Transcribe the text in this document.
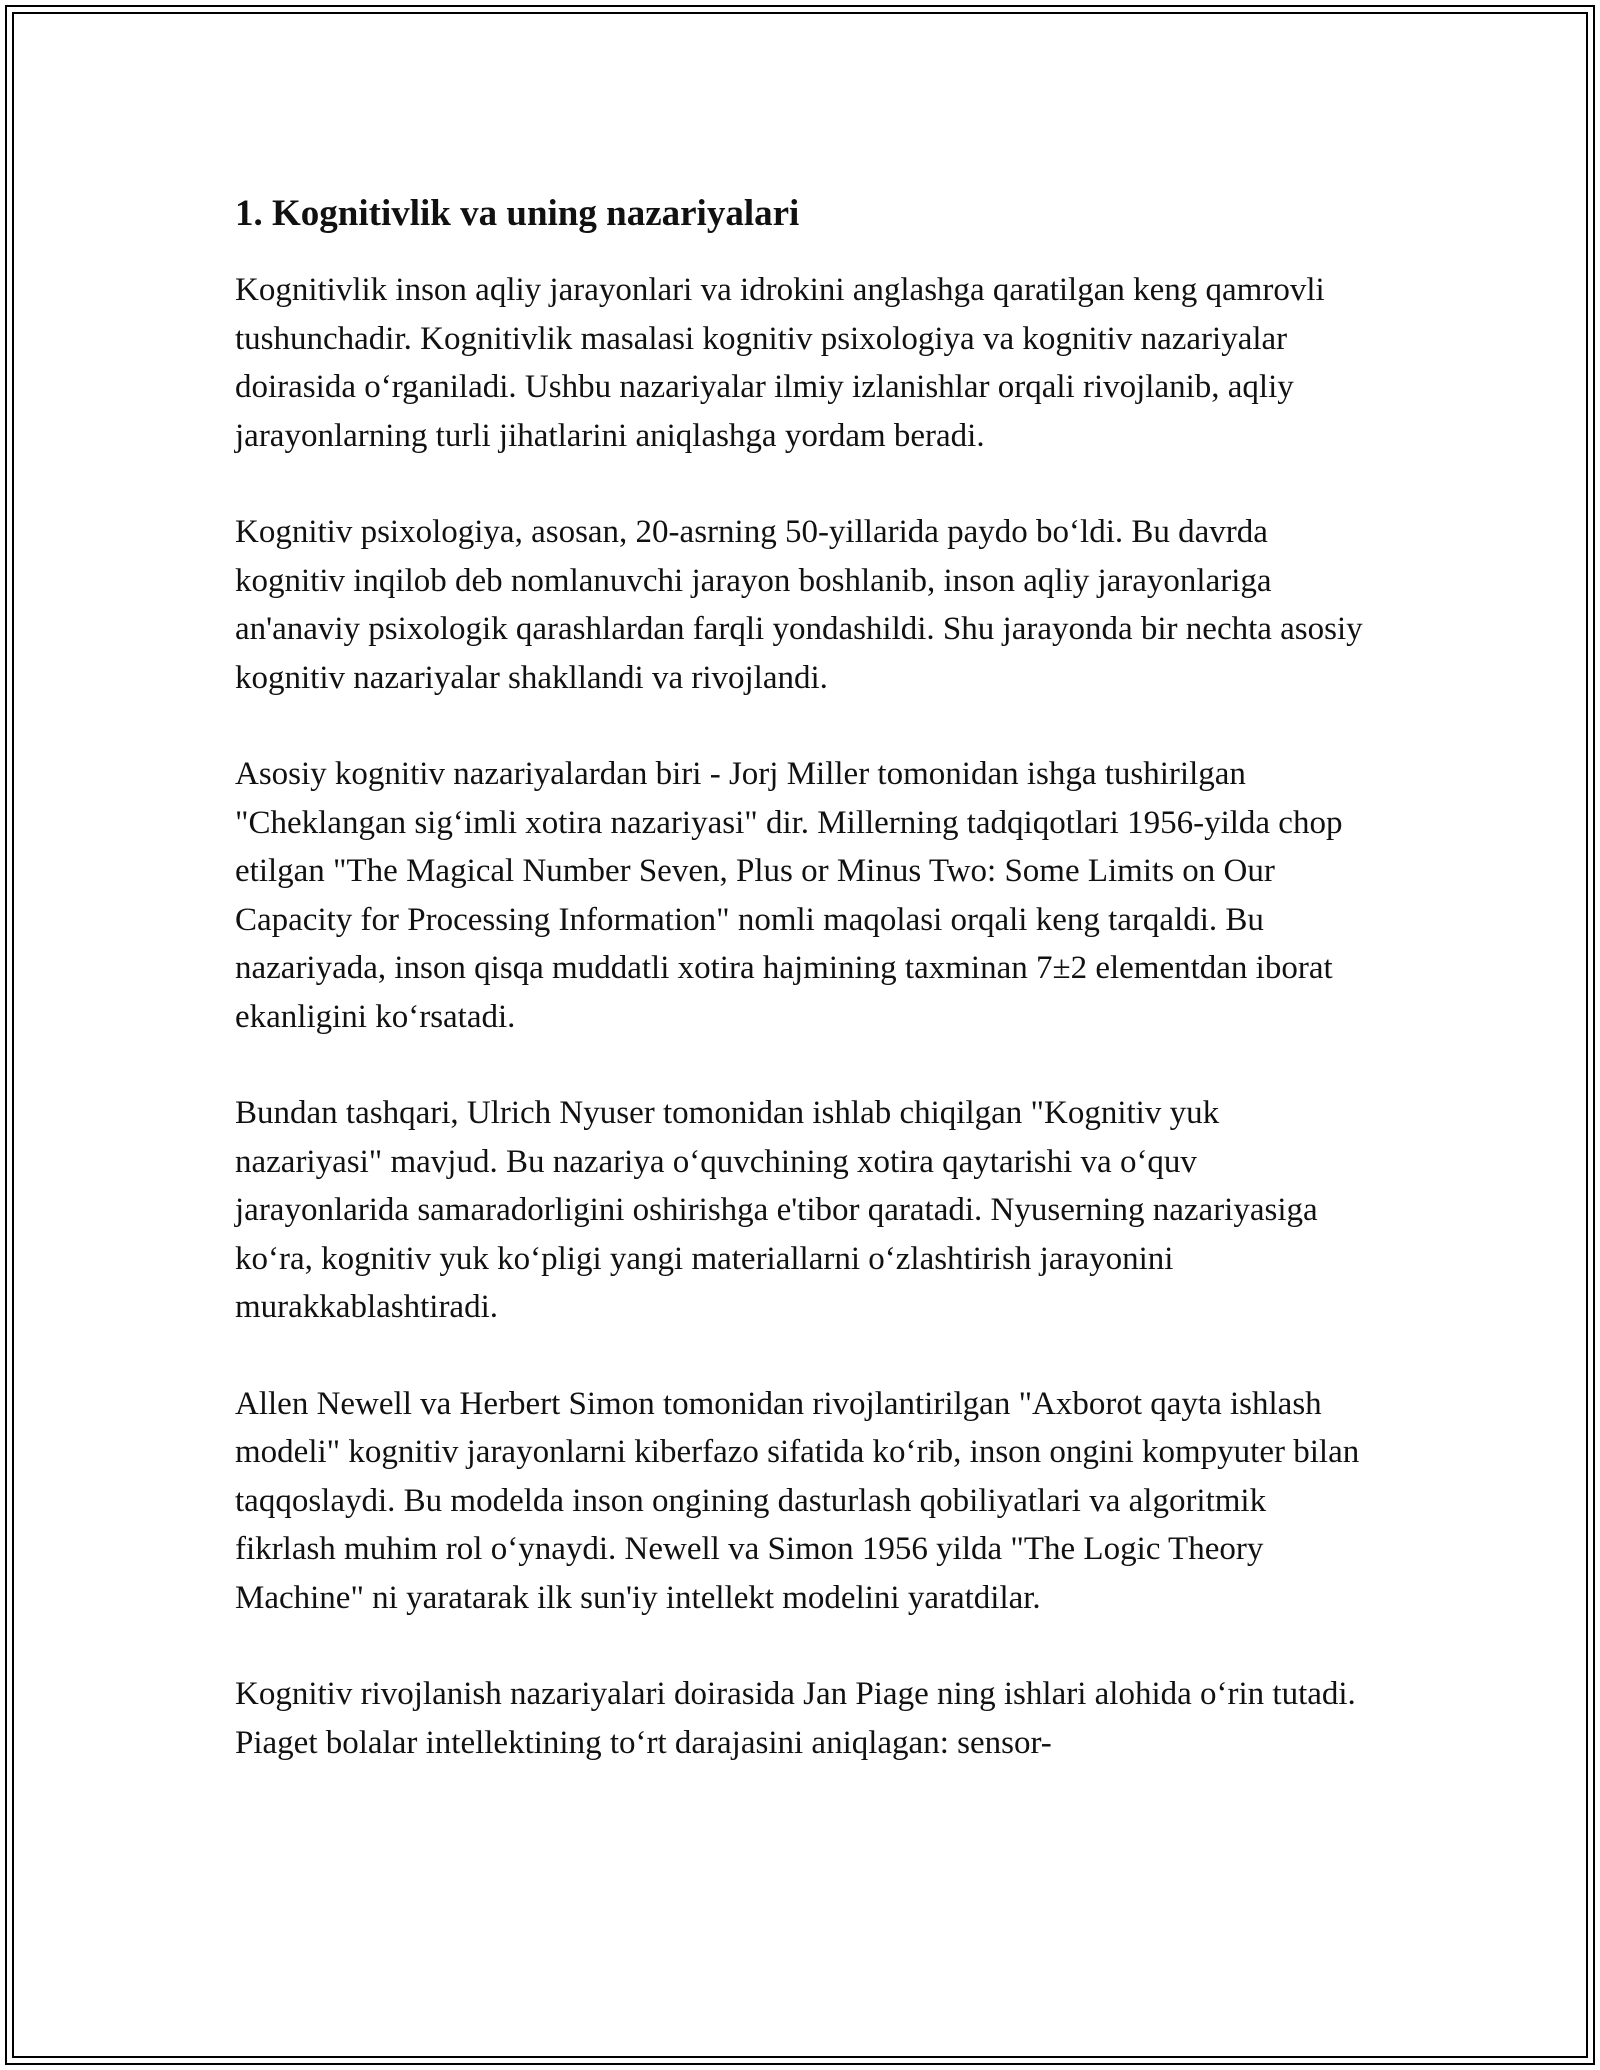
1. Kognitivlik va uning nazariyalari

Kognitivlik inson aqliy jarayonlari va idrokini anglashga qaratilgan keng qamrovli tushunchadir. Kognitivlik masalasi kognitiv psixologiya va kognitiv nazariyalar doirasida oʻrganiladi. Ushbu nazariyalar ilmiy izlanishlar orqali rivojlanib, aqliy jarayonlarning turli jihatlarini aniqlashga yordam beradi.

Kognitiv psixologiya, asosan, 20-asrning 50-yillarida paydo boʻldi. Bu davrda kognitiv inqilob deb nomlanuvchi jarayon boshlanib, inson aqliy jarayonlariga an'anaviy psixologik qarashlardan farqli yondashildi. Shu jarayonda bir nechta asosiy kognitiv nazariyalar shakllandi va rivojlandi.

Asosiy kognitiv nazariyalardan biri - Jorj Miller tomonidan ishga tushirilgan "Cheklangan sigʻimli xotira nazariyasi" dir. Millerning tadqiqotlari 1956-yilda chop etilgan "The Magical Number Seven, Plus or Minus Two: Some Limits on Our Capacity for Processing Information" nomli maqolasi orqali keng tarqaldi. Bu nazariyada, inson qisqa muddatli xotira hajmining taxminan 7±2 elementdan iborat ekanligini koʻrsatadi.

Bundan tashqari, Ulrich Nyuser tomonidan ishlab chiqilgan "Kognitiv yuk nazariyasi" mavjud. Bu nazariya oʻquvchining xotira qaytarishi va oʻquv jarayonlarida samaradorligini oshirishga e'tibor qaratadi. Nyuserning nazariyasiga koʻra, kognitiv yuk koʻpligi yangi materiallarni oʻzlashtirish jarayonini murakkablashtiradi.

Allen Newell va Herbert Simon tomonidan rivojlantirilgan "Axborot qayta ishlash modeli" kognitiv jarayonlarni kiberfazo sifatida koʻrib, inson ongini kompyuter bilan taqqoslaydi. Bu modelda inson ongining dasturlash qobiliyatlari va algoritmik fikrlash muhim rol oʻynaydi. Newell va Simon 1956 yilda "The Logic Theory Machine" ni yaratarak ilk sun'iy intellekt modelini yaratdilar.

Kognitiv rivojlanish nazariyalari doirasida Jan Piage ning ishlari alohida oʻrin tutadi. Piaget bolalar intellektining toʻrt darajasini aniqlagan: sensor-
